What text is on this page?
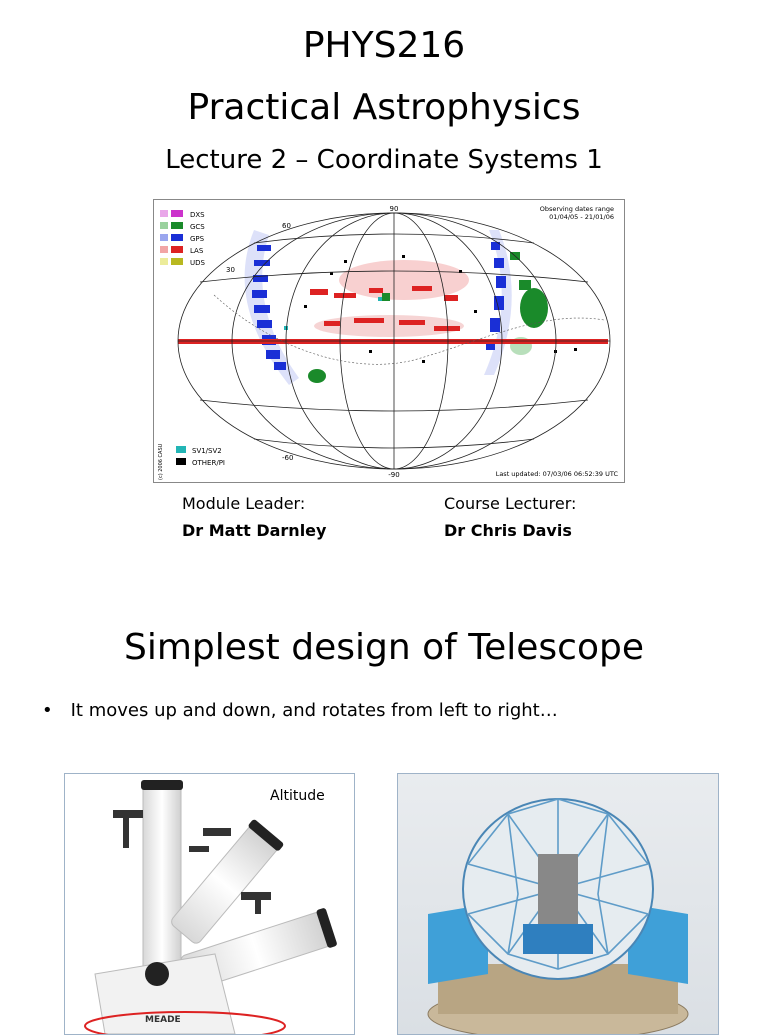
PHYS216
Practical Astrophysics
Lecture 2 – Coordinate Systems 1
DXS
GCS
GPS
LAS
UDS
Observing dates range
01/04/05 - 21/01/06
90
-90
60
-60
30
SV1/SV2
OTHER/PI
Last updated: 07/03/06 06:52:39 UTC
(c) 2006 CASU
Module Leader:
Dr Matt Darnley
Course Lecturer:
Dr Chris Davis
Simplest design of Telescope
• It moves up and down, and rotates from left to right…
MEADE
Altitude
